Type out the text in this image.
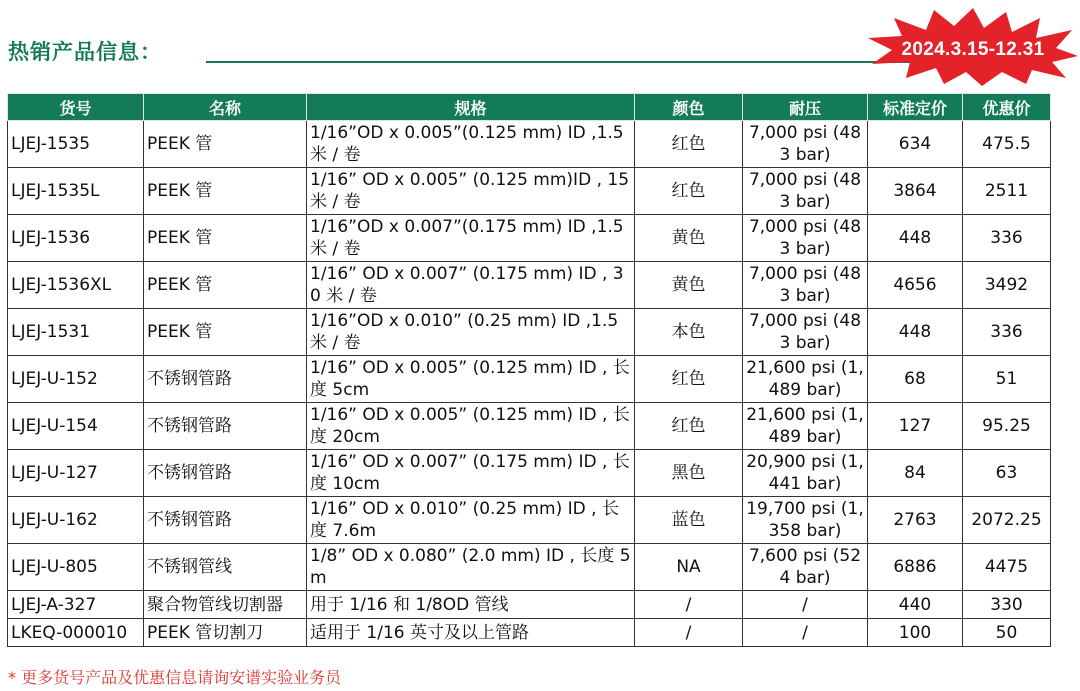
热销产品信息：	2024.3.15-12.31
货号	名称	规格	颜色	耐压	标准定价	优惠价
LJEJ-1535	PEEK 管	1/16”OD x 0.005”(0.125 mm) ID ,1.5米 / 卷	红色	7,000 psi (483 bar)	634	475.5
LJEJ-1535L	PEEK 管	1/16” OD x 0.005” (0.125 mm)ID , 15 米 / 卷	红色	7,000 psi (483 bar)	3864	2511
LJEJ-1536	PEEK 管	1/16”OD x 0.007”(0.175 mm) ID ,1.5米 / 卷	黄色	7,000 psi (483 bar)	448	336
LJEJ-1536XL	PEEK 管	1/16” OD x 0.007” (0.175 mm) ID , 30 米 / 卷	黄色	7,000 psi (483 bar)	4656	3492
LJEJ-1531	PEEK 管	1/16”OD x 0.010” (0.25 mm) ID ,1.5米 / 卷	本色	7,000 psi (483 bar)	448	336
LJEJ-U-152	不锈钢管路	1/16” OD x 0.005” (0.125 mm) ID , 长度 5cm	红色	21,600 psi (1,489 bar)	68	51
LJEJ-U-154	不锈钢管路	1/16” OD x 0.005” (0.125 mm) ID , 长度 20cm	红色	21,600 psi (1,489 bar)	127	95.25
LJEJ-U-127	不锈钢管路	1/16” OD x 0.007” (0.175 mm) ID , 长度 10cm	黑色	20,900 psi (1,441 bar)	84	63
LJEJ-U-162	不锈钢管路	1/16” OD x 0.010” (0.25 mm) ID , 长度 7.6m	蓝色	19,700 psi (1,358 bar)	2763	2072.25
LJEJ-U-805	不锈钢管线	1/8” OD x 0.080” (2.0 mm) ID , 长度 5m	NA	7,600 psi (524 bar)	6886	4475
LJEJ-A-327	聚合物管线切割器	用于 1/16 和 1/8OD 管线	/	/	440	330
LKEQ-000010	PEEK 管切割刀	适用于 1/16 英寸及以上管路	/	/	100	50
* 更多货号产品及优惠信息请询安谱实验业务员
